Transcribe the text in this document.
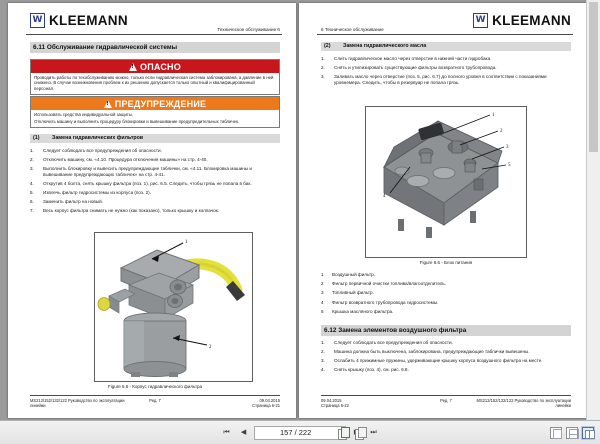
W KLEEMANN
Техническое обслуживание 6
6.11 Обслуживание гидравлической системы
!
ОПАСНО

Проводить работы по техобслуживанию можно, только если гидравлическая система заблокирована, а давление в ней снижено. В случае возникновения проблем к их решению допускается только опытный и квалифицированный персонал.

!
ПРЕДУПРЕЖДЕНИЕ

Использовать средства индивидуальной защиты.

Отключить машину и выполнить процедуру блокировки и вывешивание предупредительных табличек.

(1) Замена гидравлических фильтров
1. Следует соблюдать все предупреждения об опасности.
2. Отключить машину, см. «4.10. Процедура отключения машины» на стр. 4-40.
3. Выполнить блокировку и вывесить предупреждающие таблички, см. «4.11. Блокировка машины и вывешивание предупреждающих табличек» на стр. 4-41.
4. Открутив 4 болта, снять крышку фильтра (поз. 1), рис. 6.5. Следить, чтобы грязь не попала в бак.
5. Извлечь фильтр гидросистемы из корпуса (поз. 2).
6. Заменить фильтр на новый.
7. Весь корпус фильтра снимать не нужно (как показано), только крышку и колпачок.
1
2
Figure 6.5 - Корпус гидравлического фильтра
MS212/152/132/122 Руководство по эксплуатации линейки
Ред. 7	09.04.2015
Страница 6-21
6 Техническое обслуживание
W KLEEMANN
(2) Замена гидравлического масла
1. Слить гидравлическое масло через отверстие в нижней части гидробака.
2. Снять и утилизировать существующие фильтры возвратного трубопровода.
3. Заливать масло через отверстие (поз. 5, рис. 6.7) до полного уровня в соответствии с показаниями уровнемера. Следить, чтобы в резервуар не попала грязь.
1
2
3
4
5
Figure 6.6 - Блок питания
1 Воздушный фильтр.
2 Фильтр первичной очистки топлива/влагоотделитель.
3 Топливный фильтр.
4 Фильтр возвратного трубопровода гидросистемы.
5 Крышка масляного фильтра.
6.12 Замена элементов воздушного фильтра
1. Следует соблюдать все предупреждения об опасности.
2. Машина должна быть выключена, заблокирована, предупреждающие таблички вывешены.
3. Ослабить 4 прижимные пружины, удерживающие крышку корпуса воздушного фильтра на месте.
4. Снять крышку (поз. 4), см. рис. 6.8.
09.04.2015
Страница 6-22
Ред. 7	MS212/152/132/122 Руководство по эксплуатации линейки
⏮	◀	157 / 222	⏭
